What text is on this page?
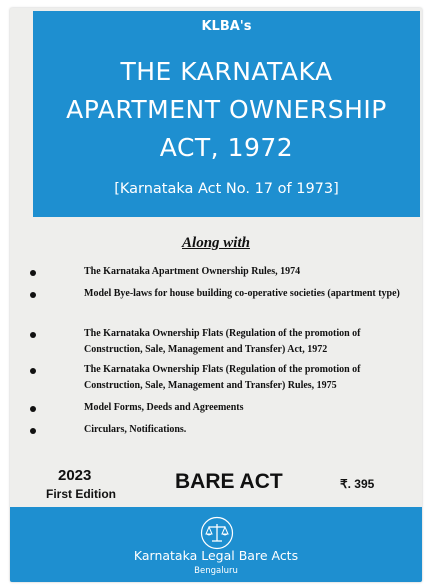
KLBA's
THE KARNATAKA
APARTMENT OWNERSHIP
ACT, 1972
[Karnataka Act No. 17 of 1973]
Along with
The Karnataka Apartment Ownership Rules, 1974
Model Bye-laws for house building co-operative societies (apartment type)
The Karnataka Ownership Flats (Regulation of the promotion of Construction, Sale, Management and Transfer) Act, 1972
The Karnataka Ownership Flats (Regulation of the promotion of Construction, Sale, Management and Transfer) Rules, 1975
Model Forms, Deeds and Agreements
Circulars, Notifications.
2023
First Edition
BARE ACT	₹. 395
Karnataka Legal Bare Acts
Bengaluru
